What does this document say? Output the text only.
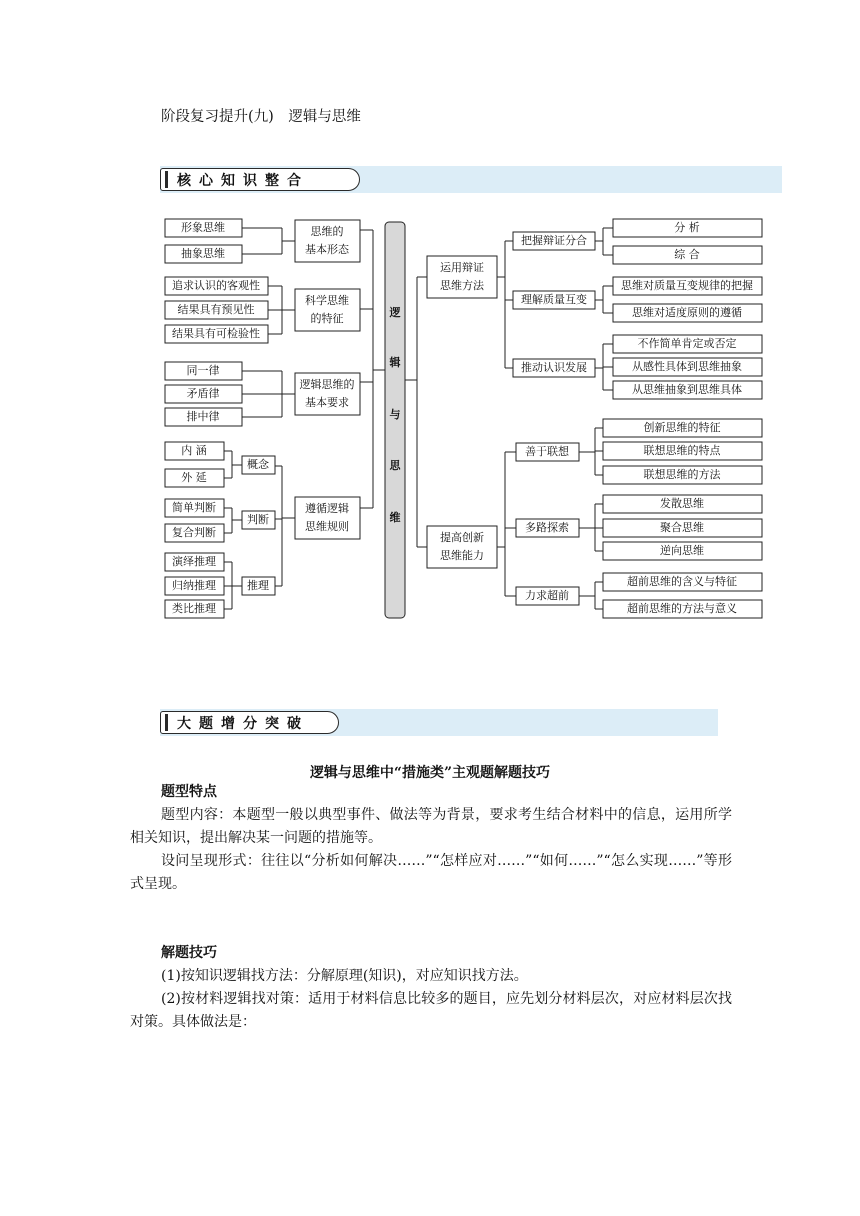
阶段复习提升(九)　逻辑与思维
核心知识整合
逻
辑
与
思
维
形象思维
抽象思维
思维的
基本形态
追求认识的客观性
结果具有预见性
结果具有可检验性
科学思维
的特征
同一律
矛盾律
排中律
逻辑思维的
基本要求
内 涵
外 延
概念
简单判断
复合判断
判断
演绎推理
归纳推理
类比推理
推理
遵循逻辑
思维规则
运用辩证
思维方法
把握辩证分合
理解质量互变
推动认识发展
分 析
综 合
思维对质量互变规律的把握
思维对适度原则的遵循
不作简单肯定或否定
从感性具体到思维抽象
从思维抽象到思维具体
提高创新
思维能力
善于联想
多路探索
力求超前
创新思维的特征
联想思维的特点
联想思维的方法
发散思维
聚合思维
逆向思维
超前思维的含义与特征
超前思维的方法与意义
大题增分突破
逻辑与思维中“措施类”主观题解题技巧
题型特点
题型内容：本题型一般以典型事件、做法等为背景，要求考生结合材料中的信息，运用所学相关知识，提出解决某一问题的措施等。
设问呈现形式：往往以“分析如何解决……”“怎样应对……”“如何……”“怎么实现……”等形式呈现。
解题技巧
(1)按知识逻辑找方法：分解原理(知识)，对应知识找方法。
(2)按材料逻辑找对策：适用于材料信息比较多的题目，应先划分材料层次，对应材料层次找对策。具体做法是：
